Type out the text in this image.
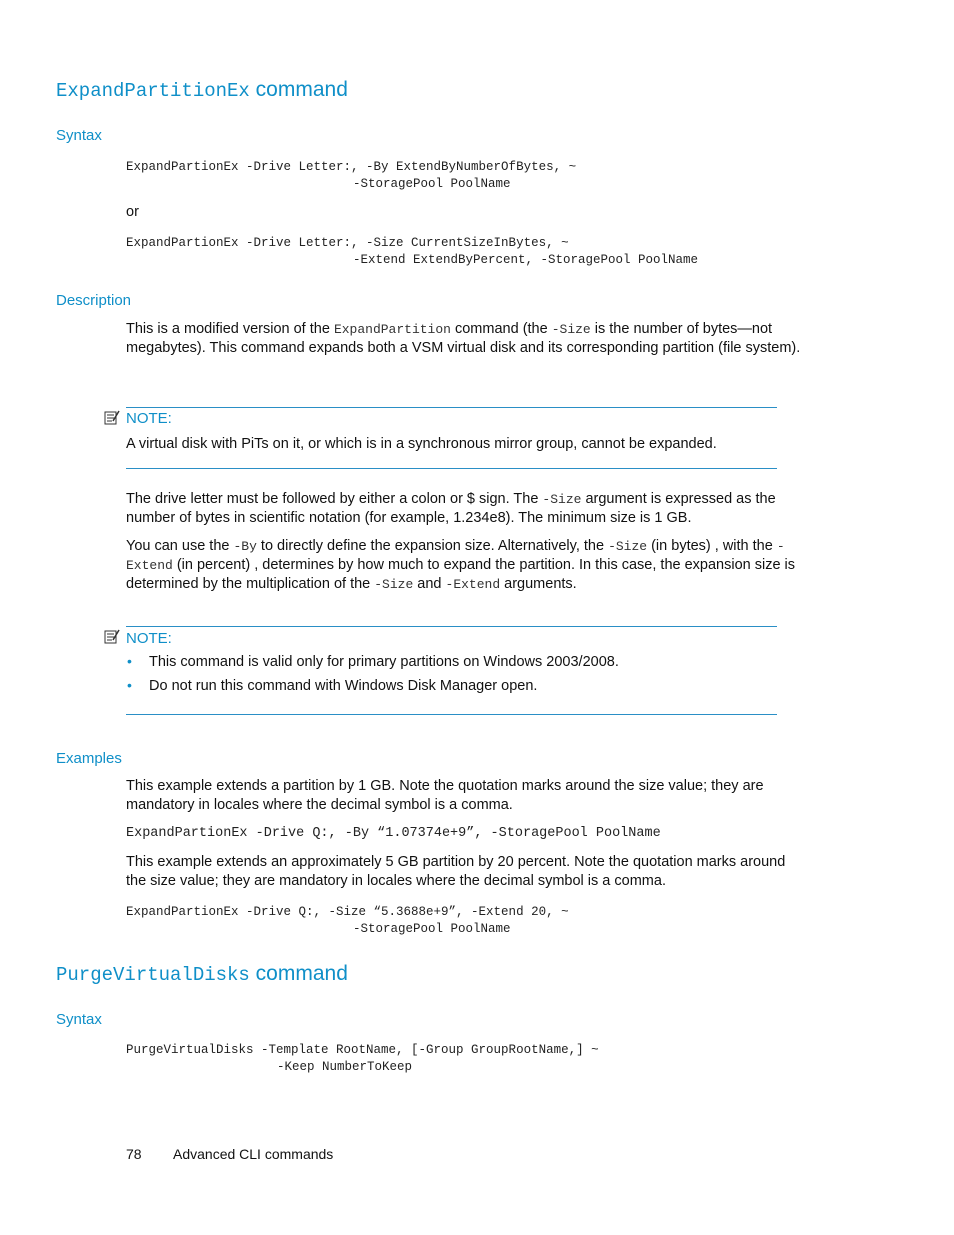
ExpandPartitionEx command
Syntax
ExpandPartionEx -Drive Letter:, -By ExtendByNumberOfBytes, ~
-StoragePool PoolName
or
ExpandPartionEx -Drive Letter:, -Size CurrentSizeInBytes, ~
-Extend ExtendByPercent, -StoragePool PoolName
Description
This is a modified version of the ExpandPartition command (the -Size is the number of bytes—not megabytes). This command expands both a VSM virtual disk and its corresponding partition (file system).
NOTE:
A virtual disk with PiTs on it, or which is in a synchronous mirror group, cannot be expanded.
The drive letter must be followed by either a colon or $ sign. The -Size argument is expressed as the number of bytes in scientific notation (for example, 1.234e8). The minimum size is 1 GB.
You can use the -By to directly define the expansion size. Alternatively, the -Size (in bytes) , with the -Extend (in percent) , determines by how much to expand the partition. In this case, the expansion size is determined by the multiplication of the -Size and -Extend arguments.
NOTE:
• This command is valid only for primary partitions on Windows 2003/2008.
• Do not run this command with Windows Disk Manager open.
Examples
This example extends a partition by 1 GB. Note the quotation marks around the size value; they are mandatory in locales where the decimal symbol is a comma.
ExpandPartionEx -Drive Q:, -By “1.07374e+9”, -StoragePool PoolName
This example extends an approximately 5 GB partition by 20 percent. Note the quotation marks around the size value; they are mandatory in locales where the decimal symbol is a comma.
ExpandPartionEx -Drive Q:, -Size “5.3688e+9”, -Extend 20, ~
-StoragePool PoolName
PurgeVirtualDisks command
Syntax
PurgeVirtualDisks -Template RootName, [-Group GroupRootName,] ~
-Keep NumberToKeep
78 Advanced CLI commands
